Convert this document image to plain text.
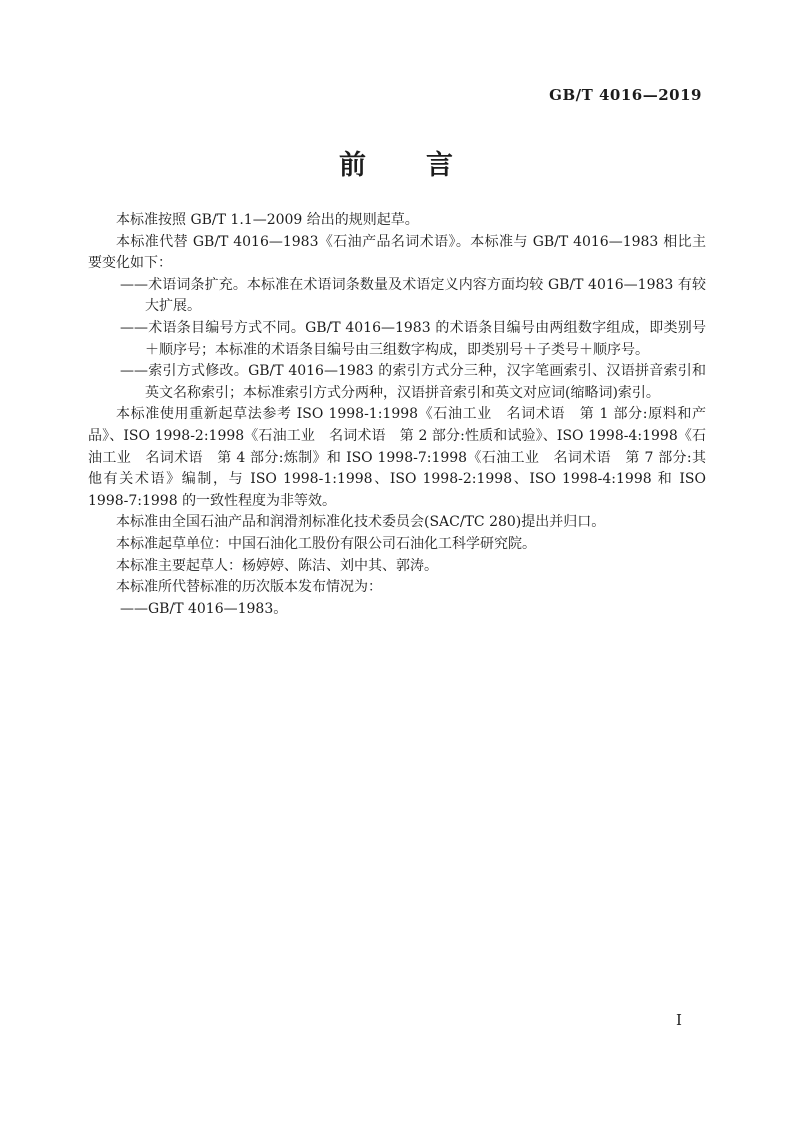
GB/T 4016—2019
前　　言

本标准按照 GB/T 1.1—2009 给出的规则起草。

本标准代替 GB/T 4016—1983《石油产品名词术语》。本标准与 GB/T 4016—1983 相比主要变化如下：

——术语词条扩充。本标准在术语词条数量及术语定义内容方面均较 GB/T 4016—1983 有较大扩展。

——术语条目编号方式不同。GB/T 4016—1983 的术语条目编号由两组数字组成，即类别号＋顺序号；本标准的术语条目编号由三组数字构成，即类别号＋子类号＋顺序号。

——索引方式修改。GB/T 4016—1983 的索引方式分三种，汉字笔画索引、汉语拼音索引和英文名称索引；本标准索引方式分两种，汉语拼音索引和英文对应词(缩略词)索引。

本标准使用重新起草法参考 ISO 1998-1:1998《石油工业　名词术语　第 1 部分:原料和产品》、ISO 1998-2:1998《石油工业　名词术语　第 2 部分:性质和试验》、ISO 1998-4:1998《石油工业　名词术语　第 4 部分:炼制》和 ISO 1998-7:1998《石油工业　名词术语　第 7 部分:其他有关术语》编制，与 ISO 1998-1:1998、ISO 1998-2:1998、ISO 1998-4:1998 和 ISO 1998-7:1998 的一致性程度为非等效。

本标准由全国石油产品和润滑剂标准化技术委员会(SAC/TC 280)提出并归口。

本标准起草单位：中国石油化工股份有限公司石油化工科学研究院。

本标准主要起草人：杨婷婷、陈洁、刘中其、郭涛。

本标准所代替标准的历次版本发布情况为：

——GB/T 4016—1983。

I
